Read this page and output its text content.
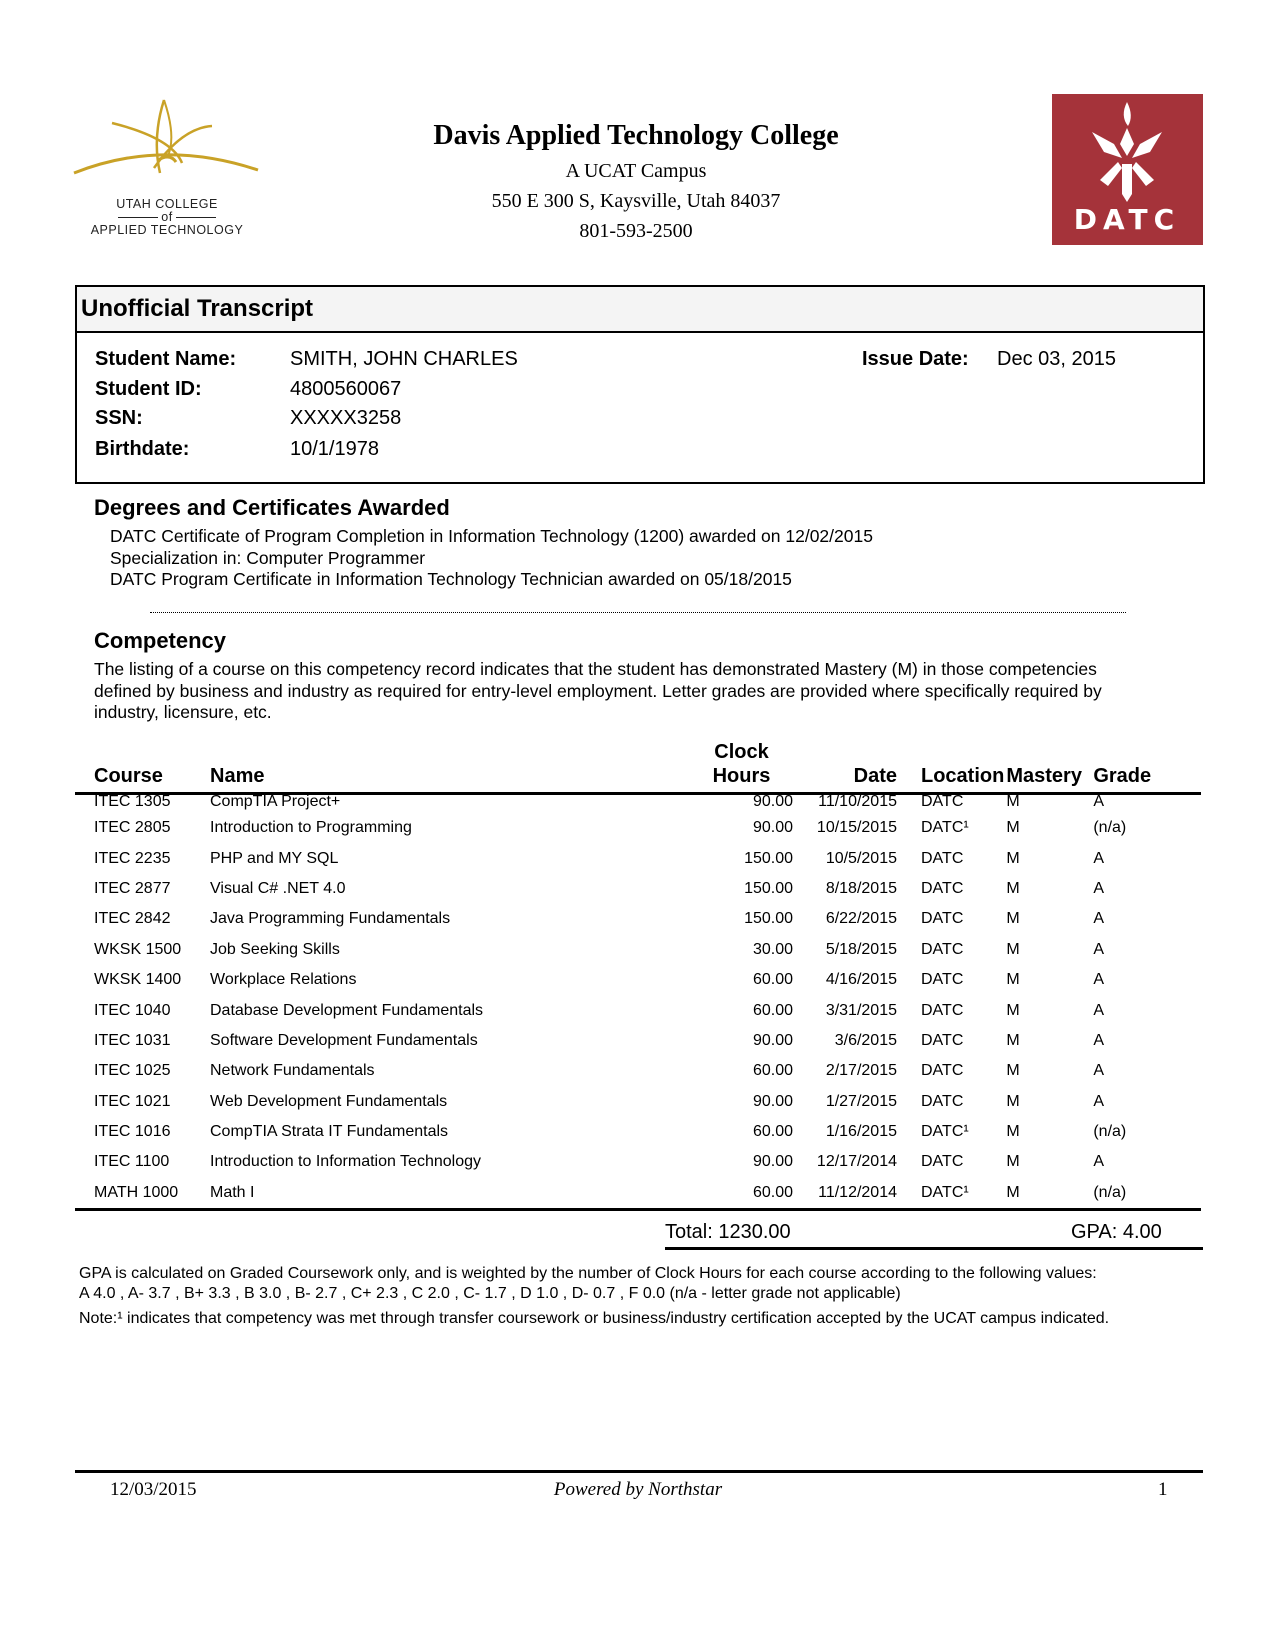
UTAH COLLEGE
of
APPLIED TECHNOLOGY
Davis Applied Technology College
A UCAT Campus
550 E 300 S, Kaysville, Utah 84037
801-593-2500	DATC
Unofficial Transcript
Student Name:	SMITH, JOHN CHARLES
Student ID:	4800560067
SSN:	XXXXX3258
Birthdate:	10/1/1978
Issue Date: Dec 03, 2015
Degrees and Certificates Awarded
DATC Certificate of Program Completion in Information Technology (1200) awarded on 12/02/2015
Specialization in: Computer Programmer
DATC Program Certificate in Information Technology Technician awarded on 05/18/2015
Competency
The listing of a course on this competency record indicates that the student has demonstrated Mastery (M) in those competencies
defined by business and industry as required for entry-level employment. Letter grades are provided where specifically required by
industry, licensure, etc.
Course	Name	Clock
Hours	Date	Location	Mastery	Grade
ITEC 1305	CompTIA Project+	90.00	11/10/2015	DATC	M	A
ITEC 2805	Introduction to Programming	90.00	10/15/2015	DATC¹	M	(n/a)
ITEC 2235	PHP and MY SQL	150.00	10/5/2015	DATC	M	A
ITEC 2877	Visual C# .NET 4.0	150.00	8/18/2015	DATC	M	A
ITEC 2842	Java Programming Fundamentals	150.00	6/22/2015	DATC	M	A
WKSK 1500	Job Seeking Skills	30.00	5/18/2015	DATC	M	A
WKSK 1400	Workplace Relations	60.00	4/16/2015	DATC	M	A
ITEC 1040	Database Development Fundamentals	60.00	3/31/2015	DATC	M	A
ITEC 1031	Software Development Fundamentals	90.00	3/6/2015	DATC	M	A
ITEC 1025	Network Fundamentals	60.00	2/17/2015	DATC	M	A
ITEC 1021	Web Development Fundamentals	90.00	1/27/2015	DATC	M	A
ITEC 1016	CompTIA Strata IT Fundamentals	60.00	1/16/2015	DATC¹	M	(n/a)
ITEC 1100	Introduction to Information Technology	90.00	12/17/2014	DATC	M	A
MATH 1000	Math I	60.00	11/12/2014	DATC¹	M	(n/a)
Total: 1230.00	GPA: 4.00
GPA is calculated on Graded Coursework only, and is weighted by the number of Clock Hours for each course according to the following values:
A 4.0 , A- 3.7 , B+ 3.3 , B 3.0 , B- 2.7 , C+ 2.3 , C 2.0 , C- 1.7 , D 1.0 , D- 0.7 , F 0.0 (n/a - letter grade not applicable)
Note:¹ indicates that competency was met through transfer coursework or business/industry certification accepted by the UCAT campus indicated.
12/03/2015	Powered by Northstar	1
